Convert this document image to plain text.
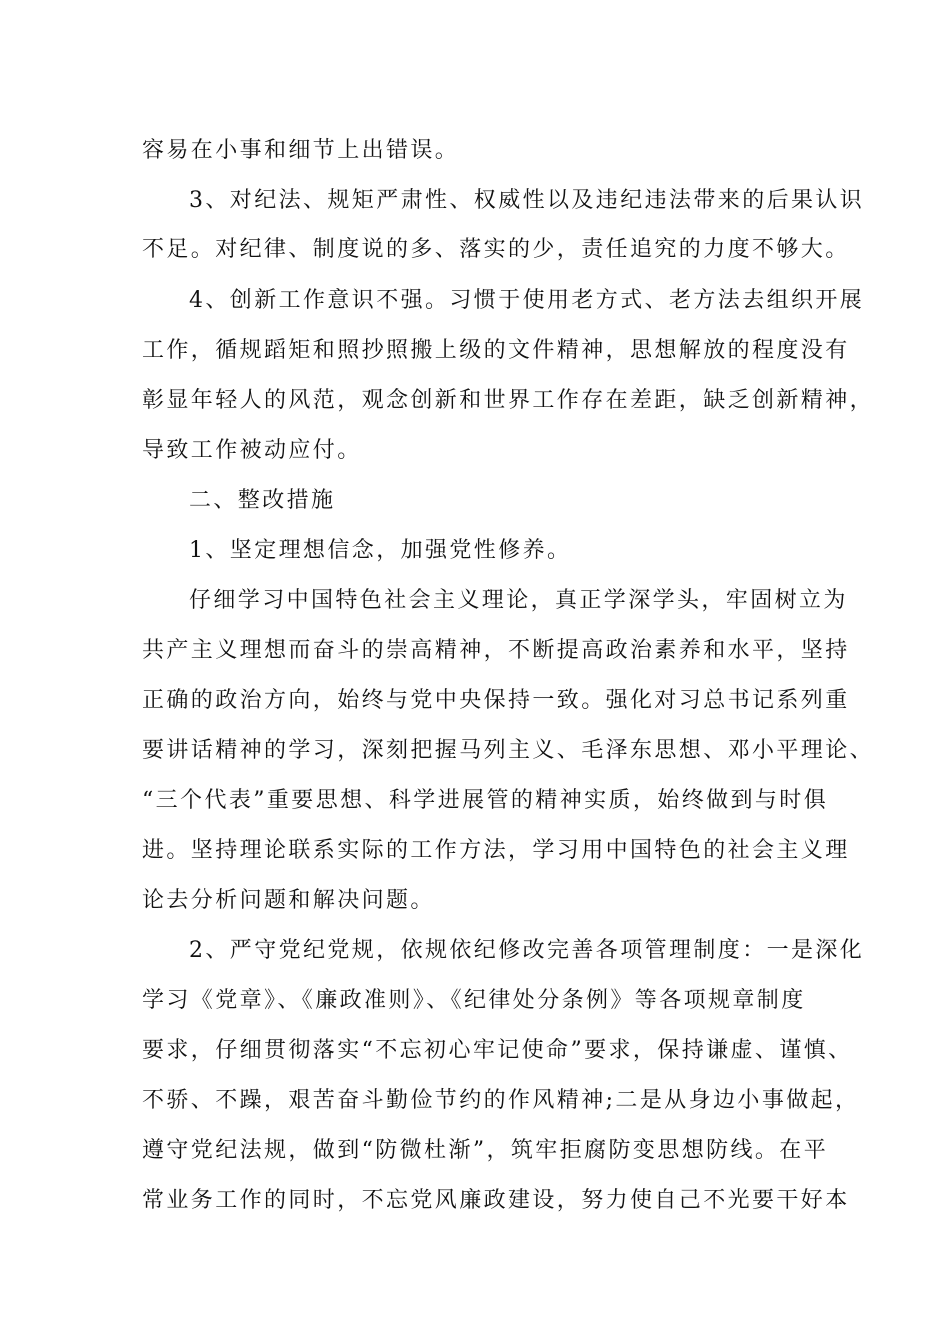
容易在小事和细节上出错误。

3、对纪法、规矩严肃性、权威性以及违纪违法带来的后果认识

不足。对纪律、制度说的多、落实的少，责任追究的力度不够大。

4、创新工作意识不强。习惯于使用老方式、老方法去组织开展

工作，循规蹈矩和照抄照搬上级的文件精神，思想解放的程度没有

彰显年轻人的风范，观念创新和世界工作存在差距，缺乏创新精神，

导致工作被动应付。

二、整改措施

1、坚定理想信念，加强党性修养。

仔细学习中国特色社会主义理论，真正学深学头，牢固树立为

共产主义理想而奋斗的崇高精神，不断提高政治素养和水平，坚持

正确的政治方向，始终与党中央保持一致。强化对习总书记系列重

要讲话精神的学习，深刻把握马列主义、毛泽东思想、邓小平理论、

“三个代表”重要思想、科学进展管的精神实质，始终做到与时俱

进。坚持理论联系实际的工作方法，学习用中国特色的社会主义理

论去分析问题和解决问题。

2、严守党纪党规，依规依纪修改完善各项管理制度：一是深化

学习《党章》、《廉政准则》、《纪律处分条例》等各项规章制度

要求，仔细贯彻落实“不忘初心牢记使命”要求，保持谦虚、谨慎、

不骄、不躁，艰苦奋斗勤俭节约的作风精神;二是从身边小事做起，

遵守党纪法规，做到“防微杜渐”，筑牢拒腐防变思想防线。在平

常业务工作的同时，不忘党风廉政建设，努力使自己不光要干好本
